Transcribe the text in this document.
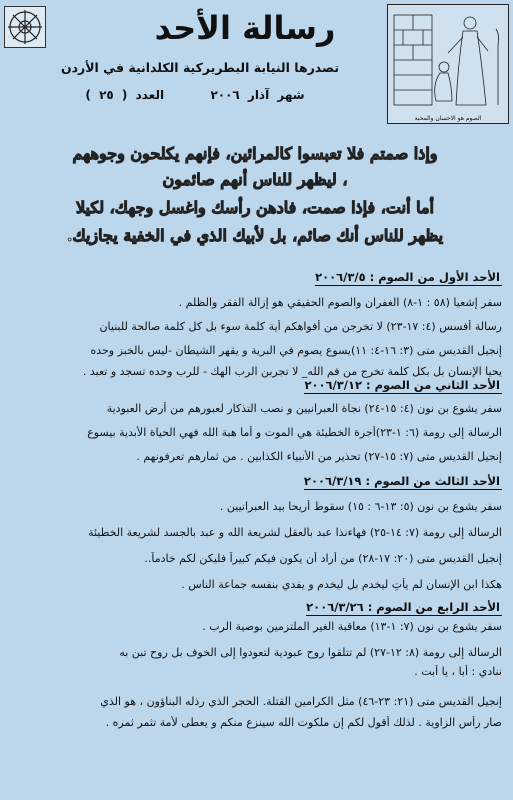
رسالة الأحد
تصدرها النيابة البطريركية الكلدانية في الأردن
شهر آذار ٢٠٠٦  العدد ( ٢٥ )
الصوم هو الاحسان والمحبة
وإذا صمتم فلا تعبسوا كالمرائين، فإنهم يكلحون وجوههم
، ليظهر للناس أنهم صائمون
أما أنت، فإذا صمت، فادهن رأسك واغسل وجهك، لكيلا
يظهر للناس أنك صائم، بل لأبيك الذي في الخفية يجازيك.
الأحد الأول من الصوم : ٢٠٠٦/٣/٥

سفر إشعيا (٥٨ : ١-٨) الغفران والصوم الحقيقي هو إزالة الفقر والظلم .

رسالة أفسس (٤: ١٧-٢٣) لا تخرجن من أفواهكم أية كلمة سوء بل كل كلمة صالحة للبنيان

إنجيل القديس متى (٣: ١٦-٤: ١١)يسوع يصوم في البرية و يقهر الشيطان -ليس بالخبز وحده

يحيا الإنسان بل بكل كلمة تخرج من فم الله_ لا تجربن الرب الهك - للرب وحده تسجد و تعبد .

الأحد الثاني من الصوم : ٢٠٠٦/٣/١٢

سفر يشوع بن نون (٤: ١٥-٢٤) نجاة العبرانيين و نصب التذكار لعبورهم من أرض العبودية

الرسالة إلى رومة (٦: ١-٢٣)أجرة الخطيئة هي الموت و أما هبة الله فهي الحياة الأبدية بيسوع

إنجيل القديس متى (٧: ١٥-٢٧) تحذير من الأنبياء الكذابين . من ثمارهم تعرفونهم .

الأحد الثالث من الصوم : ٢٠٠٦/٣/١٩

سفر يشوع بن نون (٥: ١٣-٦ : ١٥) سقوط أريحا بيد العبرانيين .

الرسالة إلى رومة (٧: ١٤-٢٥) فهاءنذا عبد بالعقل لشريعة الله و عبد بالجسد لشريعة الخطيئة

إنجيل القديس متى (٢٠: ١٧-٢٨) من أراد أن يكون فيكم كبيراً فليكن لكم خادماً..

هكذا ابن الإنسان لم يأتِ ليخدم بل ليخدم و يفدي بنفسه جماعة الناس .

الأحد الرابع من الصوم : ٢٠٠٦/٣/٢٦

سفر يشوع بن نون (٧: ١-١٣) معاقبة الغير الملتزمين بوصية الرب .

الرسالة إلى رومة (٨: ١٢-٢٧) لم تتلقوا روح عبودية لتعودوا إلى الخوف بل روح تبن به

ننادي : أبا ، يا أبت .

إنجيل القديس متى (٢١: ٢٣-٤٦) مثل الكرامين القتلة. الحجر الذي رذله البناؤون ، هو الذي

صار رأس الزاوية . لذلك أقول لكم إن ملكوت الله سينزع منكم و يعطى لأمة تثمر ثمره .
